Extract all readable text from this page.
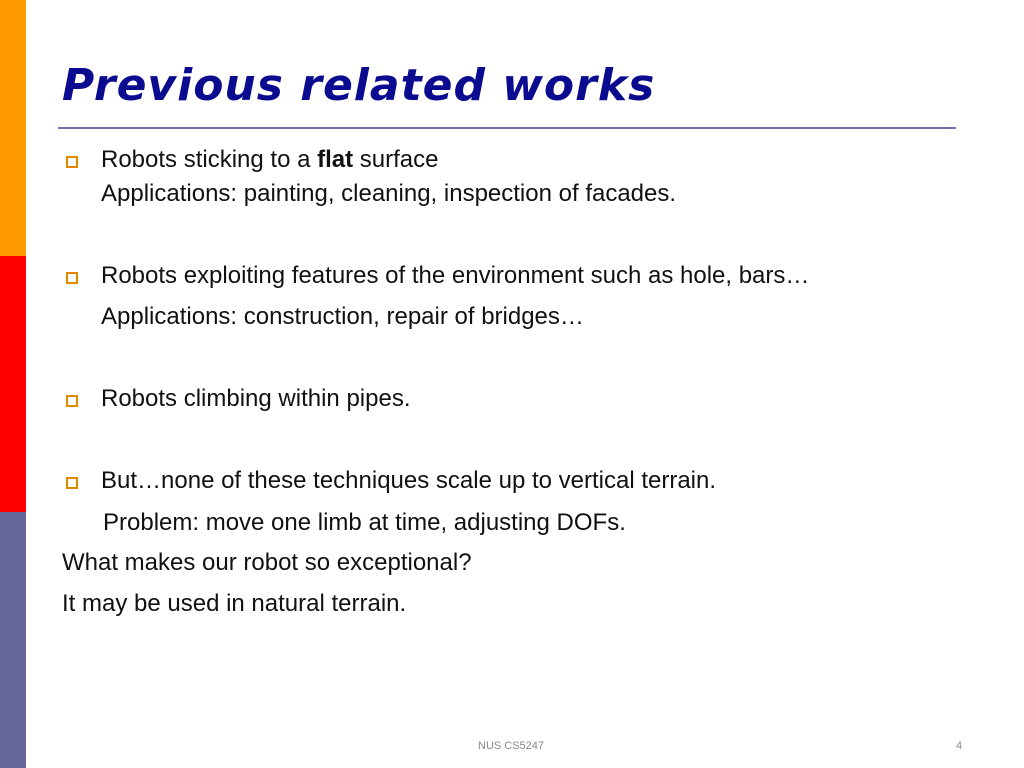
Previous related works
Robots sticking to a flat surface
Applications: painting, cleaning, inspection of facades.
Robots exploiting features of the environment such as hole, bars…
Applications: construction, repair of bridges…
Robots climbing within pipes.
But…none of these techniques scale up to vertical terrain.
Problem: move one limb at time, adjusting DOFs.
What makes our robot so exceptional?
It may be used in natural terrain.
NUS CS5247	4
